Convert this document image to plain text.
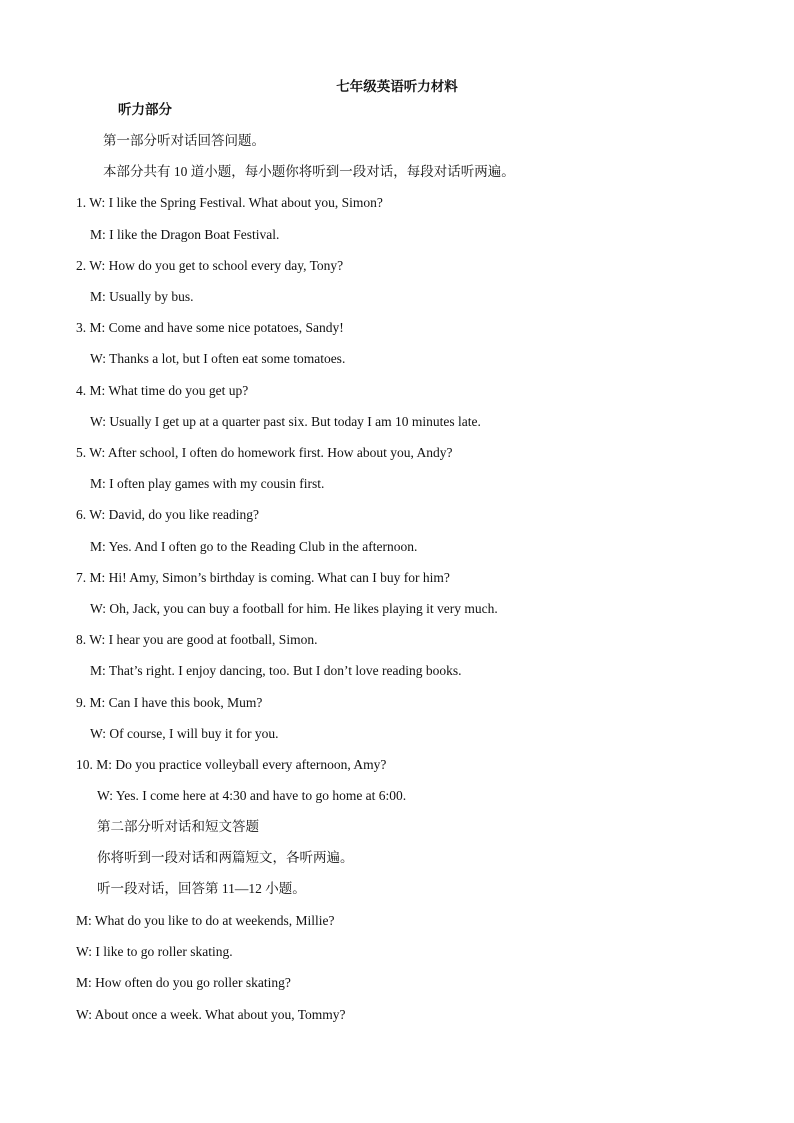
七年级英语听力材料
听力部分
第一部分听对话回答问题。
本部分共有 10 道小题，每小题你将听到一段对话，每段对话听两遍。
1. W: I like the Spring Festival. What about you, Simon?
M: I like the Dragon Boat Festival.
2. W: How do you get to school every day, Tony?
M: Usually by bus.
3. M: Come and have some nice potatoes, Sandy!
W: Thanks a lot, but I often eat some tomatoes.
4. M: What time do you get up?
W: Usually I get up at a quarter past six. But today I am 10 minutes late.
5. W: After school, I often do homework first. How about you, Andy?
M: I often play games with my cousin first.
6. W: David, do you like reading?
M: Yes. And I often go to the Reading Club in the afternoon.
7. M: Hi! Amy, Simon’s birthday is coming. What can I buy for him?
W: Oh, Jack, you can buy a football for him. He likes playing it very much.
8. W: I hear you are good at football, Simon.
M: That’s right. I enjoy dancing, too. But I don’t love reading books.
9. M: Can I have this book, Mum?
W: Of course, I will buy it for you.
10. M: Do you practice volleyball every afternoon, Amy?
W: Yes. I come here at 4:30 and have to go home at 6:00.
第二部分听对话和短文答题
你将听到一段对话和两篇短文，各听两遍。
听一段对话，回答第 11—12 小题。
M: What do you like to do at weekends, Millie?
W: I like to go roller skating.
M: How often do you go roller skating?
W: About once a week. What about you, Tommy?
